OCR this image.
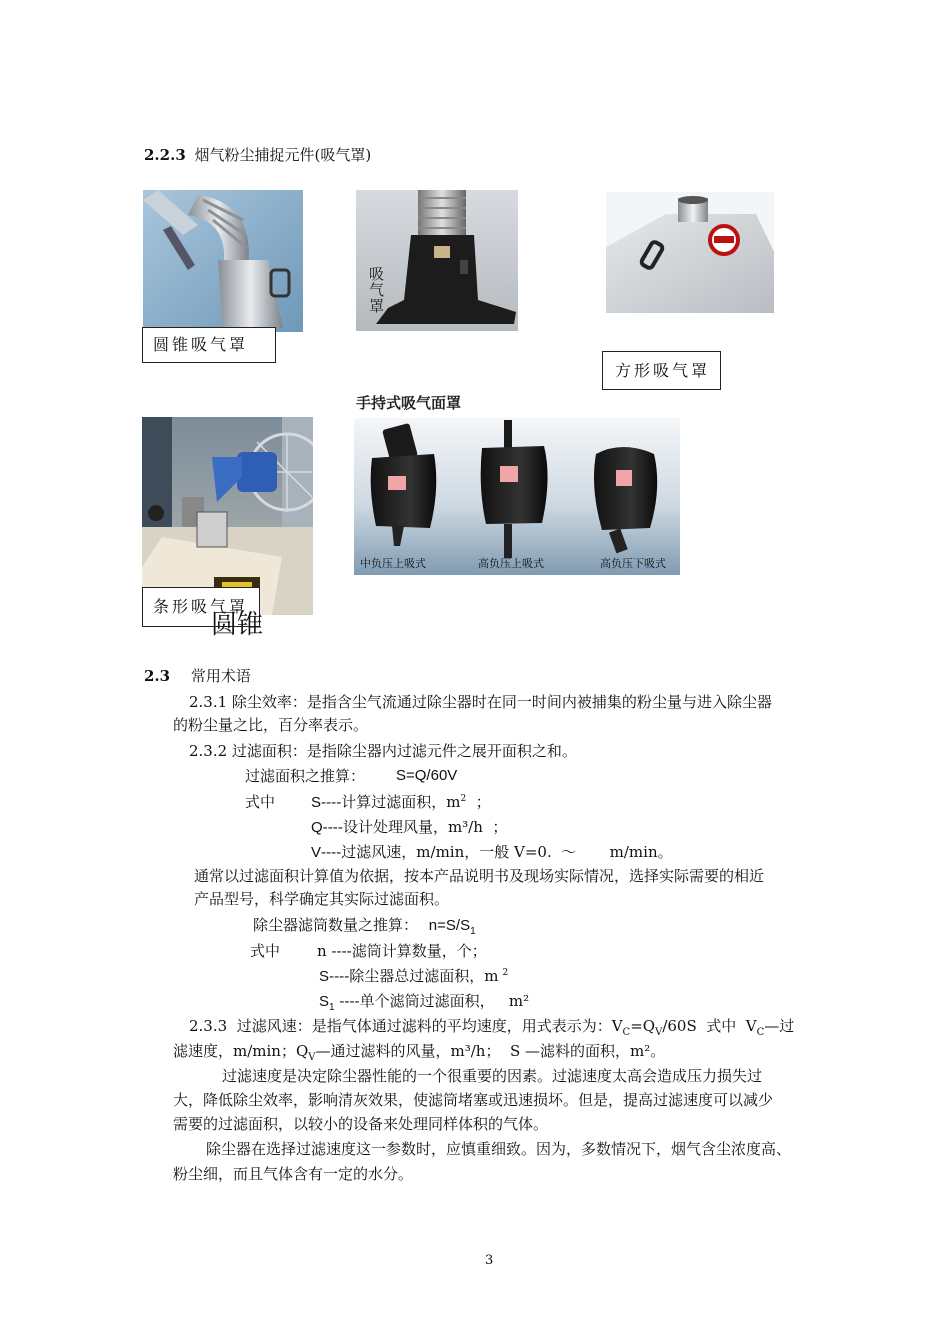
2.2.3 烟气粉尘捕捉元件(吸气罩)
吸
气
罩
圆锥吸气罩
方形吸气罩
条形吸气罩
圆锥
手持式吸气面罩
中负压上吸式	高负压上吸式	高负压下吸式
2.3 常用术语
2.3.1 除尘效率：是指含尘气流通过除尘器时在同一时间内被捕集的粉尘量与进入除尘器
的粉尘量之比，百分率表示。
2.3.2 过滤面积：是指除尘器内过滤元件之展开面积之和。
过滤面积之推算： S=Q/60V
式中 S----计算过滤面积，$m^2$  ；
Q----设计处理风量，m³/h  ；
V----过滤风速，m/min，一般 V=0.  ～       m/min。
通常以过滤面积计算值为依据，按本产品说明书及现场实际情况，选择实际需要的相近
产品型号，科学确定其实际过滤面积。
除尘器滤筒数量之推算： $n=S/S_1$
式中 n ----滤筒计算数量，个；
S----除尘器总过滤面积，m $^2$
$S_1$ ----单个滤筒过滤面积，   m²
2.3.3  过滤风速：是指气体通过滤料的平均速度，用式表示为：$V_C=Q_V/60S$  式中  $V_C—$过
滤速度，m/min；$Q_V—$通过滤料的风量，m³/h；  S —滤料的面积，m²。
过滤速度是决定除尘器性能的一个很重要的因素。过滤速度太高会造成压力损失过
大，降低除尘效率，影响清灰效果，使滤筒堵塞或迅速损坏。但是，提高过滤速度可以减少
需要的过滤面积，以较小的设备来处理同样体积的气体。
除尘器在选择过滤速度这一参数时，应慎重细致。因为，多数情况下，烟气含尘浓度高、
粉尘细，而且气体含有一定的水分。
3
